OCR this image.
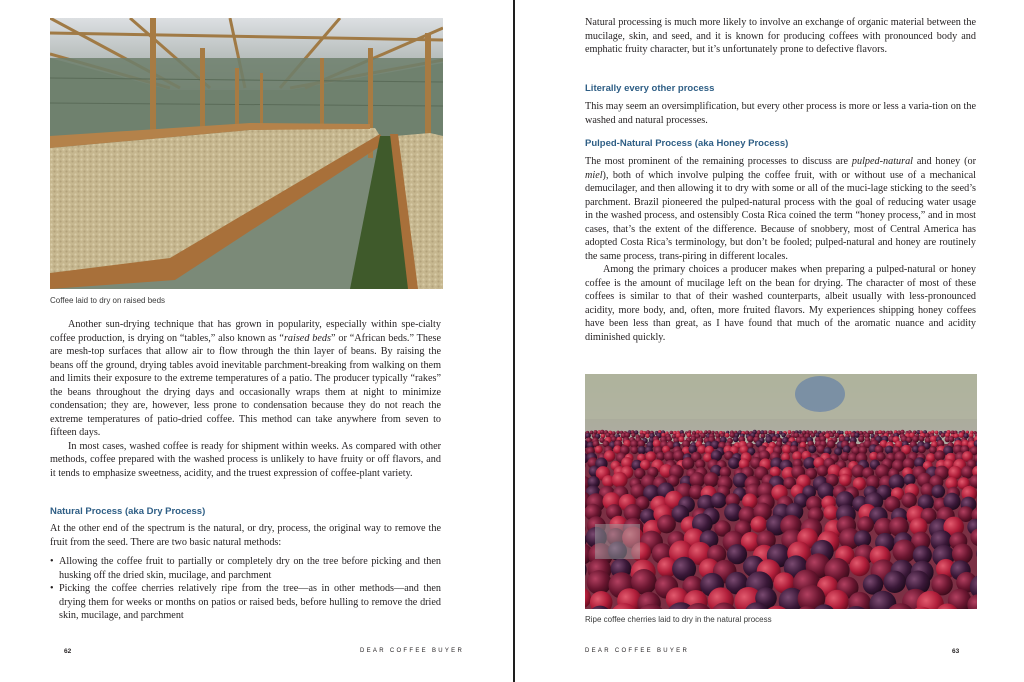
Coffee laid to dry on raised beds

Another sun-drying technique that has grown in popularity, especially within spe-cialty coffee production, is drying on “tables,” also known as “raised beds” or “African beds.” These are mesh-top surfaces that allow air to flow through the thin layer of beans. By raising the beans off the ground, drying tables avoid inevitable parchment-breaking from walking on them and limits their exposure to the extreme temperatures of a patio. The producer typically “rakes” the beans throughout the drying days and occasionally wraps them at night to minimize condensation; they are, however, less prone to condensation because they do not reach the extreme temperatures of patio-dried coffee. This method can take anywhere from seven to fifteen days.

In most cases, washed coffee is ready for shipment within weeks. As compared with other methods, coffee prepared with the washed process is unlikely to have fruity or off flavors, and it tends to emphasize sweetness, acidity, and the truest expression of coffee-plant variety.

Natural Process (aka Dry Process)

At the other end of the spectrum is the natural, or dry, process, the original way to remove the fruit from the seed. There are two basic natural methods:

• Allowing the coffee fruit to partially or completely dry on the tree before picking and then husking off the dried skin, mucilage, and parchment
• Picking the coffee cherries relatively ripe from the tree—as in other methods—and then drying them for weeks or months on patios or raised beds, before hulling to remove the dried skin, mucilage, and parchment
62	DEAR COFFEE BUYER

Natural processing is much more likely to involve an exchange of organic material between the mucilage, skin, and seed, and it is known for producing coffees with pronounced body and emphatic fruity character, but it’s unfortunately prone to defective flavors.

Literally every other process

This may seem an oversimplification, but every other process is more or less a varia-tion on the washed and natural processes.

Pulped-Natural Process (aka Honey Process)

The most prominent of the remaining processes to discuss are pulped-natural and honey (or miel), both of which involve pulping the coffee fruit, with or without use of a mechanical demucilager, and then allowing it to dry with some or all of the muci-lage sticking to the seed’s parchment. Brazil pioneered the pulped-natural process with the goal of reducing water usage in the washed process, and ostensibly Costa Rica coined the term “honey process,” and in most cases, that’s the extent of the difference. Because of snobbery, most of Central America has adopted Costa Rica’s terminology, but don’t be fooled; pulped-natural and honey are routinely the same process, trans-piring in different locales.

Among the primary choices a producer makes when preparing a pulped-natural or honey coffee is the amount of mucilage left on the bean for drying. The character of most of these coffees is similar to that of their washed counterparts, albeit usually with less-pronounced acidity, more body, and, often, more fruited flavors. My experiences shipping honey coffees have been less than great, as I have found that much of the aromatic nuance and acidity diminished quickly.

Ripe coffee cherries laid to dry in the natural process
DEAR COFFEE BUYER	63
